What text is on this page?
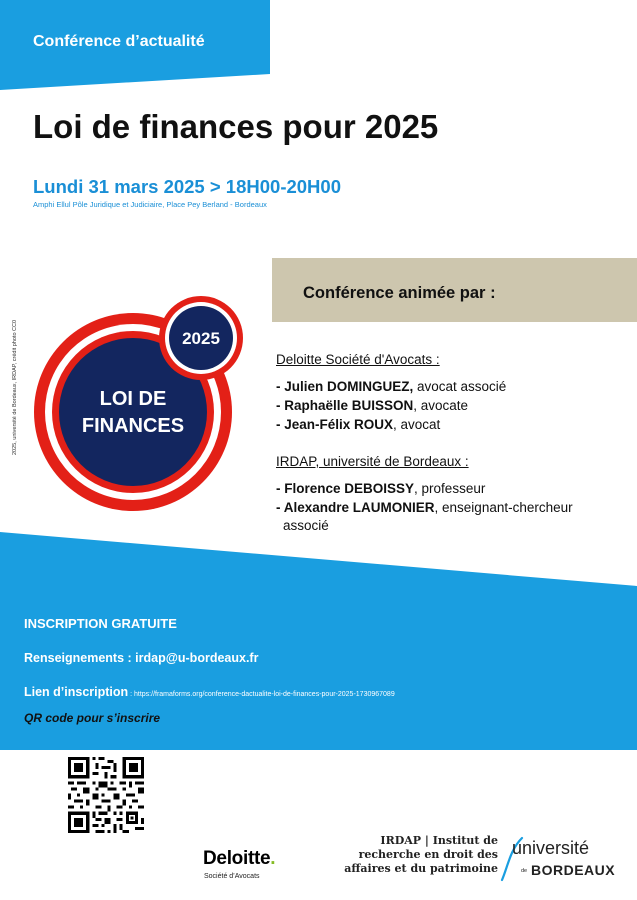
Conférence d’actualité
Loi de finances pour 2025
Lundi 31 mars 2025 > 18H00-20H00
Amphi Ellul Pôle Juridique et Judiciaire, Place Pey Berland - Bordeaux
2025, université de Bordeaux, IRDAP, crédit photo CC0
Conférence animée par :
2025
LOI DE
FINANCES
Deloitte Société d'Avocats :
- Julien DOMINGUEZ, avocat associé
- Raphaëlle BUISSON, avocate
- Jean-Félix ROUX, avocat
IRDAP, université de Bordeaux :
- Florence DEBOISSY, professeur
- Alexandre LAUMONIER, enseignant-chercheur
associé
INSCRIPTION GRATUITE
Renseignements : irdap@u-bordeaux.fr
Lien d’inscription : https://framaforms.org/conference-dactualite-loi-de-finances-pour-2025-1730967089
QR code pour s’inscrire
Deloitte.
Société d’Avocats
IRDAP | Institut de
recherche en droit des
affaires et du patrimoine
université
de BORDEAUX
